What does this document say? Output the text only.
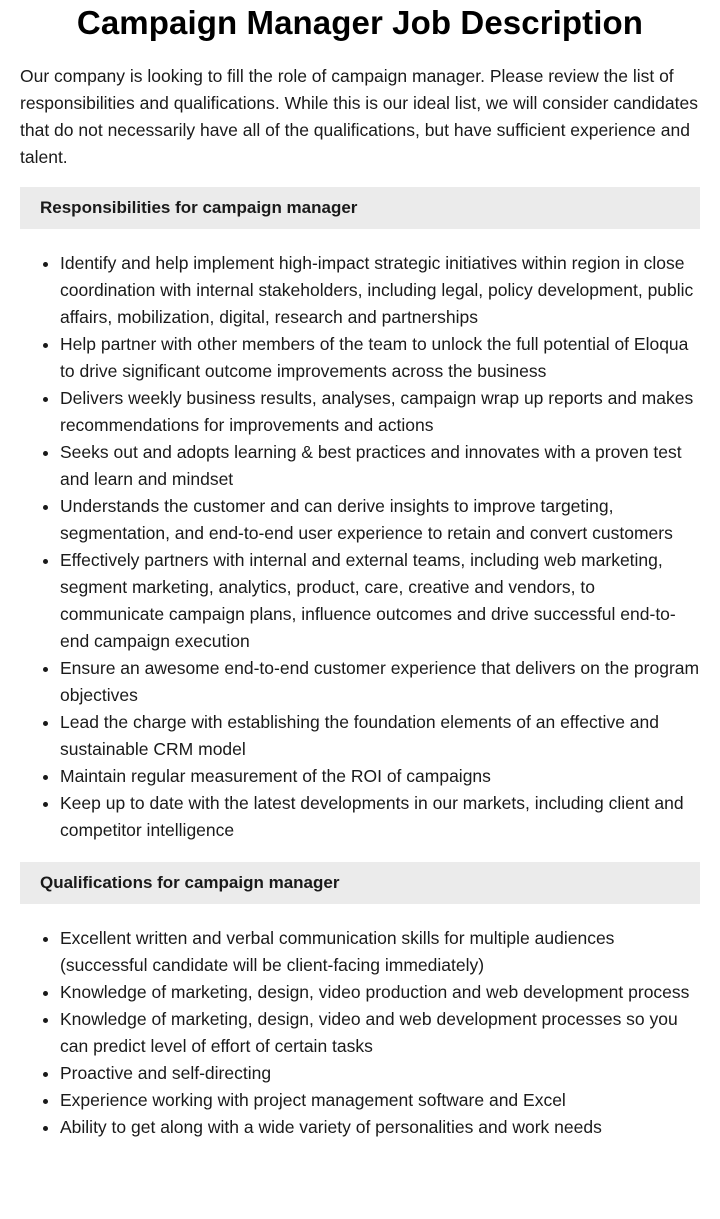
Campaign Manager Job Description

Our company is looking to fill the role of campaign manager. Please review the list of responsibilities and qualifications. While this is our ideal list, we will consider candidates that do not necessarily have all of the qualifications, but have sufficient experience and talent.

Responsibilities for campaign manager
Identify and help implement high-impact strategic initiatives within region in close coordination with internal stakeholders, including legal, policy development, public affairs, mobilization, digital, research and partnerships
Help partner with other members of the team to unlock the full potential of Eloqua to drive significant outcome improvements across the business
Delivers weekly business results, analyses, campaign wrap up reports and makes recommendations for improvements and actions
Seeks out and adopts learning & best practices and innovates with a proven test and learn and mindset
Understands the customer and can derive insights to improve targeting, segmentation, and end-to-end user experience to retain and convert customers
Effectively partners with internal and external teams, including web marketing, segment marketing, analytics, product, care, creative and vendors, to communicate campaign plans, influence outcomes and drive successful end-to-end campaign execution
Ensure an awesome end-to-end customer experience that delivers on the program objectives
Lead the charge with establishing the foundation elements of an effective and sustainable CRM model
Maintain regular measurement of the ROI of campaigns
Keep up to date with the latest developments in our markets, including client and competitor intelligence
Qualifications for campaign manager
Excellent written and verbal communication skills for multiple audiences (successful candidate will be client-facing immediately)
Knowledge of marketing, design, video production and web development process
Knowledge of marketing, design, video and web development processes so you can predict level of effort of certain tasks
Proactive and self-directing
Experience working with project management software and Excel
Ability to get along with a wide variety of personalities and work needs
